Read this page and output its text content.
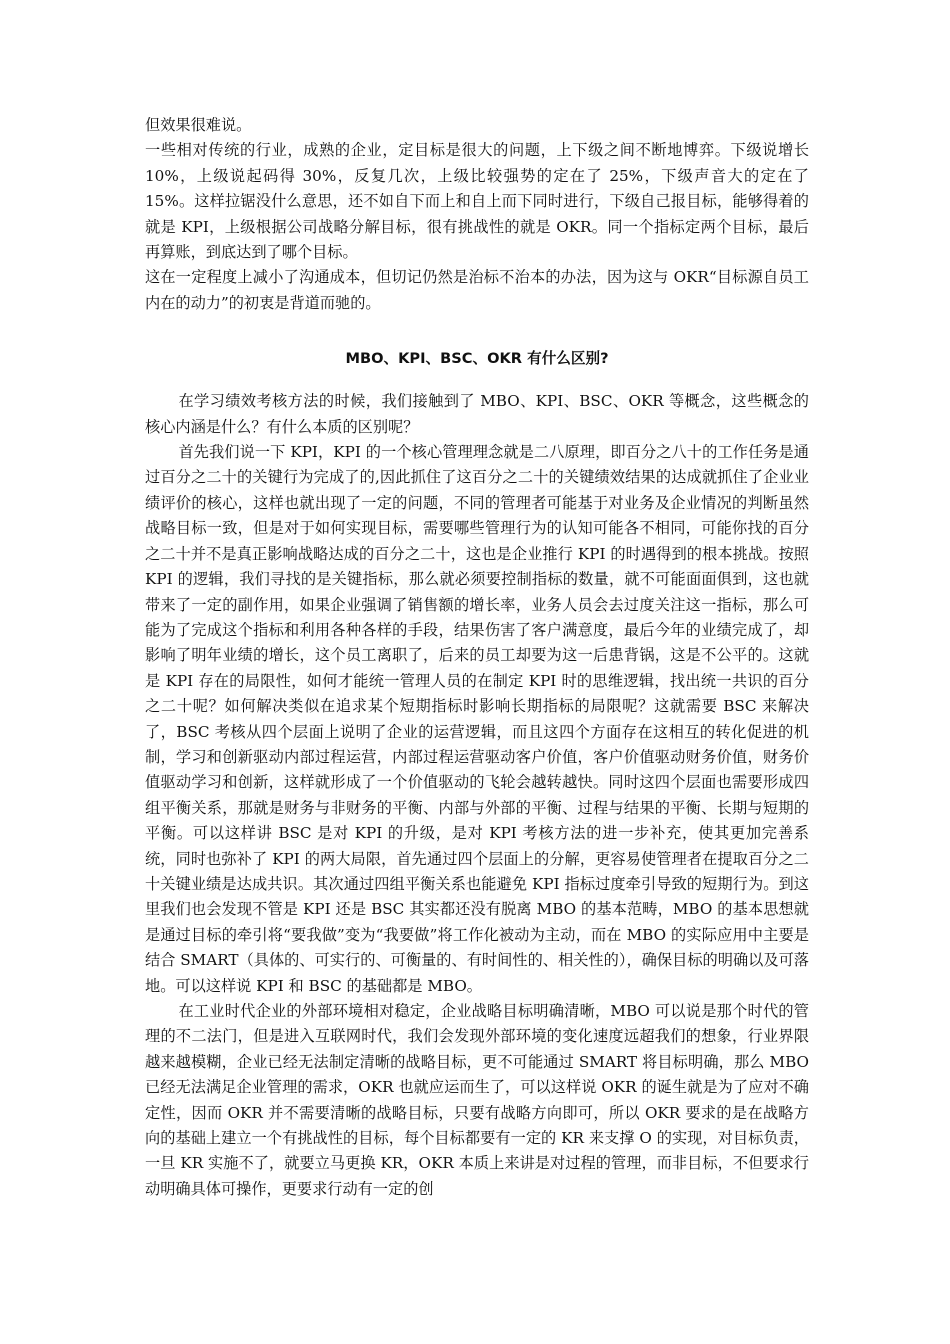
但效果很难说。

一些相对传统的行业，成熟的企业，定目标是很大的问题，上下级之间不断地博弈。下级说增长 10%，上级说起码得 30%，反复几次，上级比较强势的定在了 25%，下级声音大的定在了 15%。这样拉锯没什么意思，还不如自下而上和自上而下同时进行，下级自己报目标，能够得着的就是 KPI，上级根据公司战略分解目标，很有挑战性的就是 OKR。同一个指标定两个目标，最后再算账，到底达到了哪个目标。

这在一定程度上减小了沟通成本，但切记仍然是治标不治本的办法，因为这与 OKR“目标源自员工内在的动力”的初衷是背道而驰的。

MBO、KPI、BSC、OKR 有什么区别?

在学习绩效考核方法的时候，我们接触到了 MBO、KPI、BSC、OKR 等概念，这些概念的核心内涵是什么？有什么本质的区别呢？

首先我们说一下 KPI，KPI 的一个核心管理理念就是二八原理，即百分之八十的工作任务是通过百分之二十的关键行为完成了的,因此抓住了这百分之二十的关键绩效结果的达成就抓住了企业业绩评价的核心，这样也就出现了一定的问题，不同的管理者可能基于对业务及企业情况的判断虽然战略目标一致，但是对于如何实现目标，需要哪些管理行为的认知可能各不相同，可能你找的百分之二十并不是真正影响战略达成的百分之二十，这也是企业推行 KPI 的时遇得到的根本挑战。按照 KPI 的逻辑，我们寻找的是关键指标，那么就必须要控制指标的数量，就不可能面面俱到，这也就带来了一定的副作用，如果企业强调了销售额的增长率，业务人员会去过度关注这一指标，那么可能为了完成这个指标和利用各种各样的手段，结果伤害了客户满意度，最后今年的业绩完成了，却影响了明年业绩的增长，这个员工离职了，后来的员工却要为这一后患背锅，这是不公平的。这就是 KPI 存在的局限性，如何才能统一管理人员的在制定 KPI 时的思维逻辑，找出统一共识的百分之二十呢？如何解决类似在追求某个短期指标时影响长期指标的局限呢？这就需要 BSC 来解决了，BSC 考核从四个层面上说明了企业的运营逻辑，而且这四个方面存在这相互的转化促进的机制，学习和创新驱动内部过程运营，内部过程运营驱动客户价值，客户价值驱动财务价值，财务价值驱动学习和创新，这样就形成了一个价值驱动的飞轮会越转越快。同时这四个层面也需要形成四组平衡关系，那就是财务与非财务的平衡、内部与外部的平衡、过程与结果的平衡、长期与短期的平衡。可以这样讲 BSC 是对 KPI 的升级，是对 KPI 考核方法的进一步补充，使其更加完善系统，同时也弥补了 KPI 的两大局限，首先通过四个层面上的分解，更容易使管理者在提取百分之二十关键业绩是达成共识。其次通过四组平衡关系也能避免 KPI 指标过度牵引导致的短期行为。到这里我们也会发现不管是 KPI 还是 BSC 其实都还没有脱离 MBO 的基本范畴，MBO 的基本思想就是通过目标的牵引将“要我做”变为“我要做”将工作化被动为主动，而在 MBO 的实际应用中主要是结合 SMART（具体的、可实行的、可衡量的、有时间性的、相关性的），确保目标的明确以及可落地。可以这样说 KPI 和 BSC 的基础都是 MBO。

在工业时代企业的外部环境相对稳定，企业战略目标明确清晰，MBO 可以说是那个时代的管理的不二法门，但是进入互联网时代，我们会发现外部环境的变化速度远超我们的想象，行业界限越来越模糊，企业已经无法制定清晰的战略目标，更不可能通过 SMART 将目标明确，那么 MBO 已经无法满足企业管理的需求，OKR 也就应运而生了，可以这样说 OKR 的诞生就是为了应对不确定性，因而 OKR 并不需要清晰的战略目标，只要有战略方向即可，所以 OKR 要求的是在战略方向的基础上建立一个有挑战性的目标，每个目标都要有一定的 KR 来支撑 O 的实现，对目标负责，一旦 KR 实施不了，就要立马更换 KR，OKR 本质上来讲是对过程的管理，而非目标，不但要求行动明确具体可操作，更要求行动有一定的创
